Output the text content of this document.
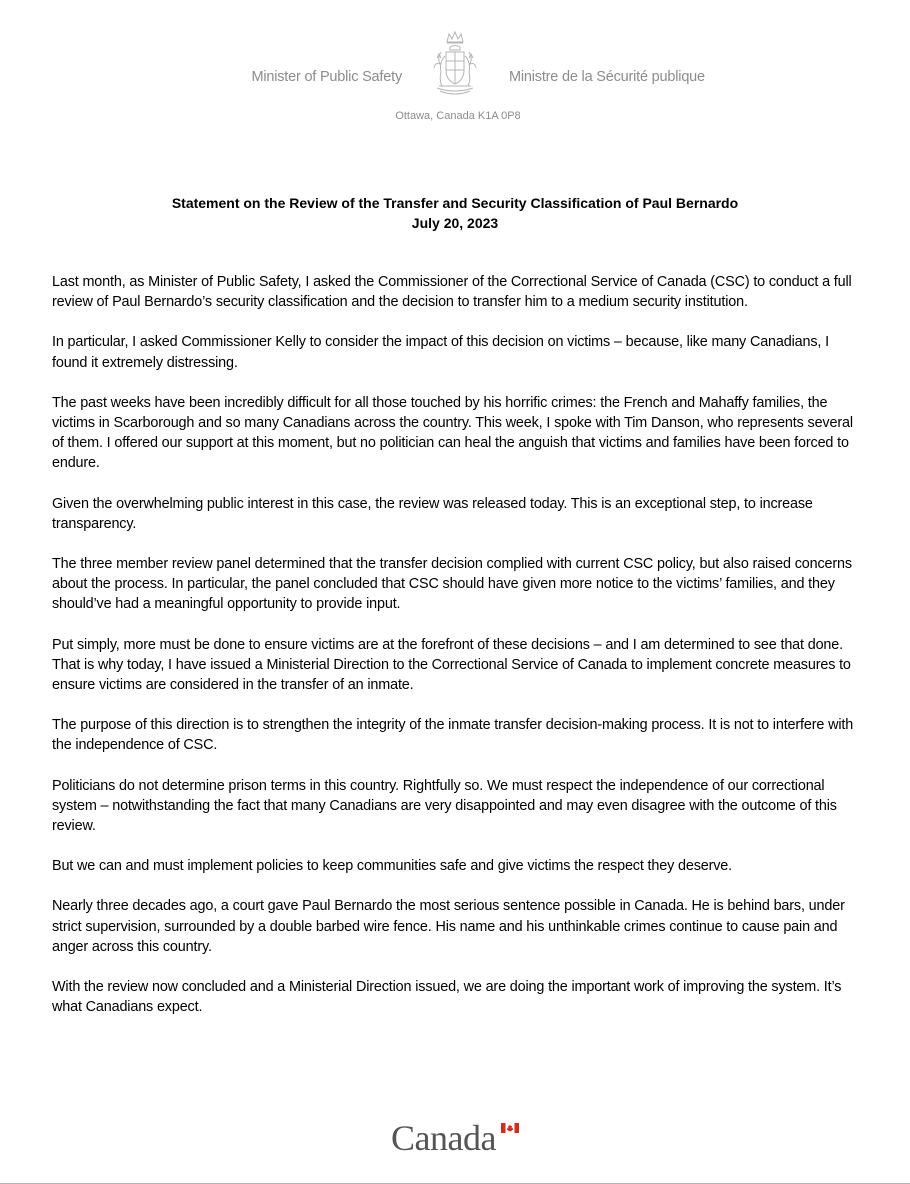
Minister of Public Safety	Ministre de la Sécurité publique
Ottawa, Canada K1A 0P8
Statement on the Review of the Transfer and Security Classification of Paul Bernardo
July 20, 2023

Last month, as Minister of Public Safety, I asked the Commissioner of the Correctional Service of Canada (CSC) to conduct a full review of Paul Bernardo’s security classification and the decision to transfer him to a medium security institution.

In particular, I asked Commissioner Kelly to consider the impact of this decision on victims – because, like many Canadians, I found it extremely distressing.

The past weeks have been incredibly difficult for all those touched by his horrific crimes: the French and Mahaffy families, the victims in Scarborough and so many Canadians across the country. This week, I spoke with Tim Danson, who represents several of them. I offered our support at this moment, but no politician can heal the anguish that victims and families have been forced to endure.

Given the overwhelming public interest in this case, the review was released today. This is an exceptional step, to increase transparency.

The three member review panel determined that the transfer decision complied with current CSC policy, but also raised concerns about the process. In particular, the panel concluded that CSC should have given more notice to the victims’ families, and they should’ve had a meaningful opportunity to provide input.

Put simply, more must be done to ensure victims are at the forefront of these decisions – and I am determined to see that done. That is why today, I have issued a Ministerial Direction to the Correctional Service of Canada to implement concrete measures to ensure victims are considered in the transfer of an inmate.

The purpose of this direction is to strengthen the integrity of the inmate transfer decision-making process. It is not to interfere with the independence of CSC.

Politicians do not determine prison terms in this country. Rightfully so. We must respect the independence of our correctional system – notwithstanding the fact that many Canadians are very disappointed and may even disagree with the outcome of this review.

But we can and must implement policies to keep communities safe and give victims the respect they deserve.

Nearly three decades ago, a court gave Paul Bernardo the most serious sentence possible in Canada. He is behind bars, under strict supervision, surrounded by a double barbed wire fence. His name and his unthinkable crimes continue to cause pain and anger across this country.

With the review now concluded and a Ministerial Direction issued, we are doing the important work of improving the system. It’s what Canadians expect.

Canada
